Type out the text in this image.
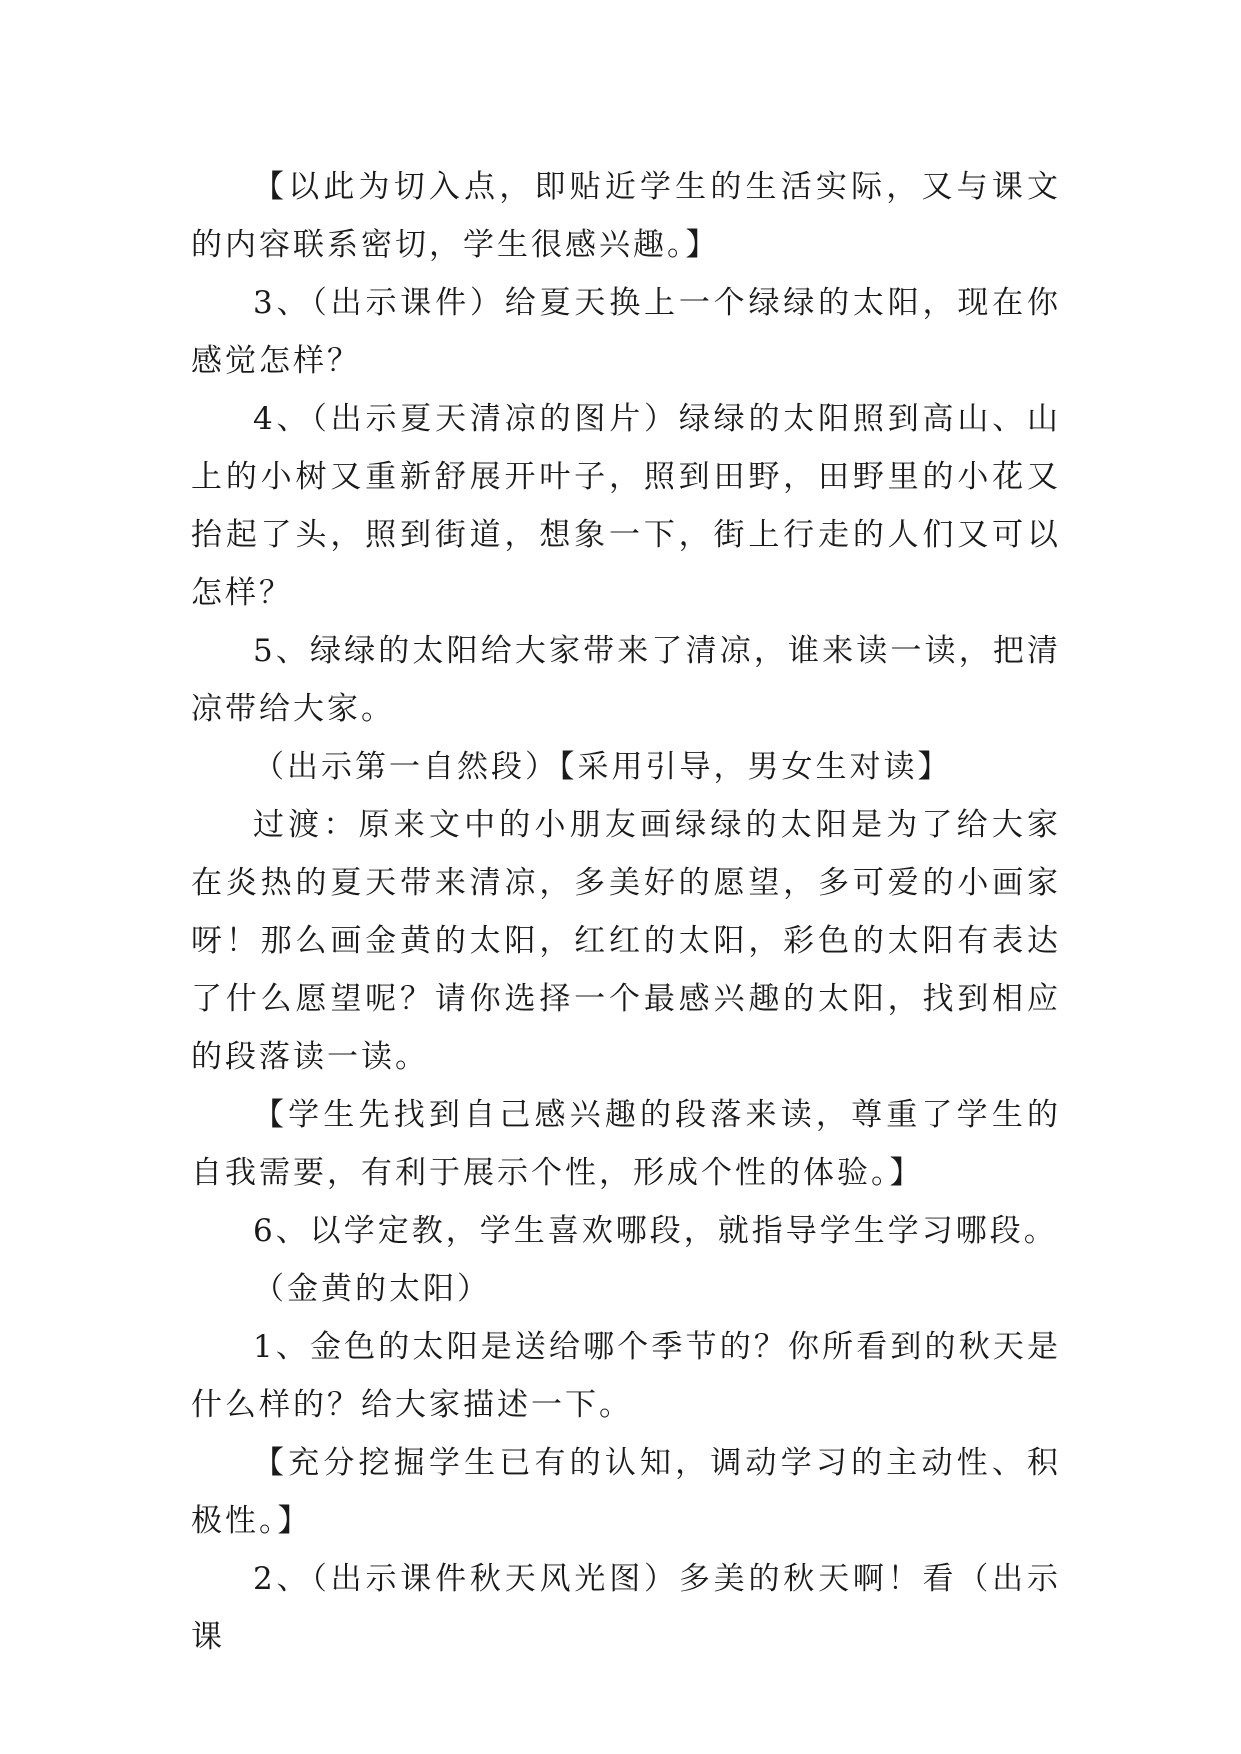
【以此为切入点，即贴近学生的生活实际，又与课文的内容联系密切，学生很感兴趣。】

3、（出示课件）给夏天换上一个绿绿的太阳，现在你感觉怎样？

4、（出示夏天清凉的图片）绿绿的太阳照到高山、山上的小树又重新舒展开叶子，照到田野，田野里的小花又抬起了头，照到街道，想象一下，街上行走的人们又可以怎样？

5、绿绿的太阳给大家带来了清凉，谁来读一读，把清凉带给大家。

（出示第一自然段）【采用引导，男女生对读】

过渡：原来文中的小朋友画绿绿的太阳是为了给大家在炎热的夏天带来清凉，多美好的愿望，多可爱的小画家呀！那么画金黄的太阳，红红的太阳，彩色的太阳有表达了什么愿望呢？请你选择一个最感兴趣的太阳，找到相应的段落读一读。

【学生先找到自己感兴趣的段落来读，尊重了学生的自我需要，有利于展示个性，形成个性的体验。】

6、以学定教，学生喜欢哪段，就指导学生学习哪段。

（金黄的太阳）

1、金色的太阳是送给哪个季节的？你所看到的秋天是什么样的？给大家描述一下。

【充分挖掘学生已有的认知，调动学习的主动性、积极性。】

2、（出示课件秋天风光图）多美的秋天啊！看（出示课
